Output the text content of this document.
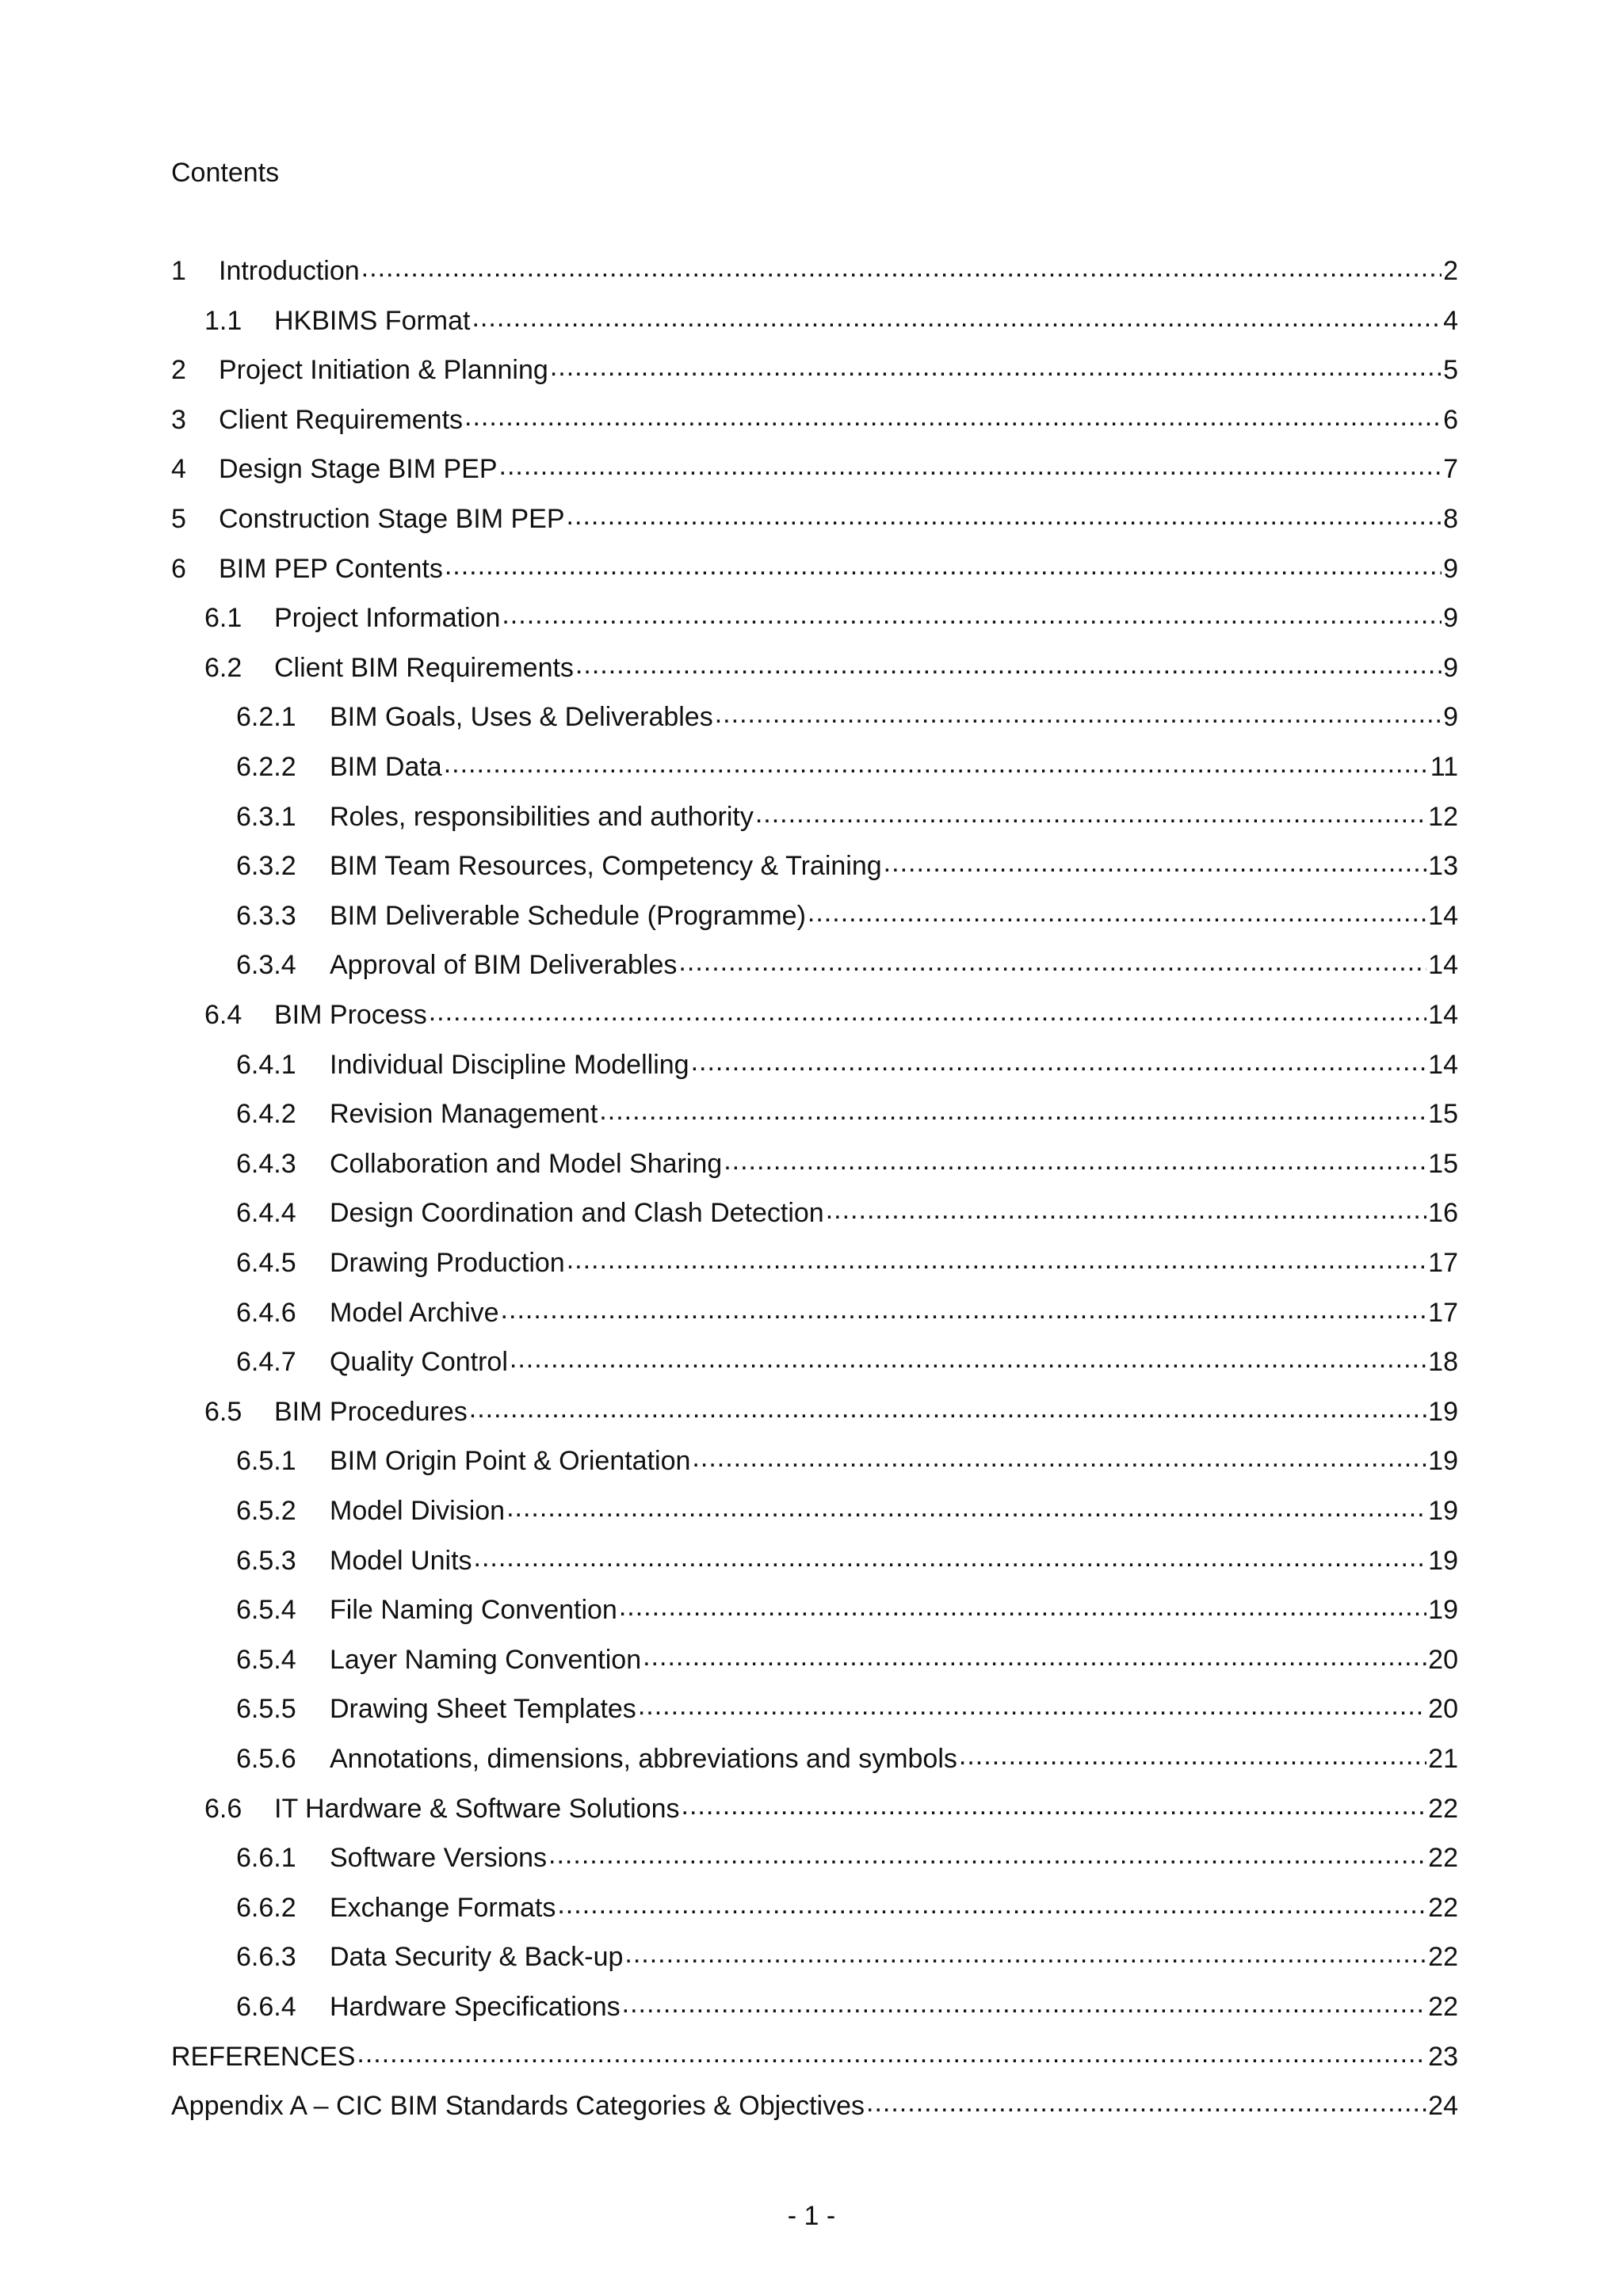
Contents
1	Introduction .....	2
1.1	HKBIMS Format .....	4
2	Project Initiation & Planning .....	5
3	Client Requirements .....	6
4	Design Stage BIM PEP .....	7
5	Construction Stage BIM PEP .....	8
6	BIM PEP Contents .....	9
6.1	Project Information .....	9
6.2	Client BIM Requirements .....	9
6.2.1	BIM Goals, Uses & Deliverables .....	9
6.2.2	BIM Data .....	11
6.3.1	Roles, responsibilities and authority .....	12
6.3.2	BIM Team Resources, Competency & Training .....	13
6.3.3	BIM Deliverable Schedule (Programme) .....	14
6.3.4	Approval of BIM Deliverables .....	14
6.4	BIM Process .....	14
6.4.1	Individual Discipline Modelling .....	14
6.4.2	Revision Management .....	15
6.4.3	Collaboration and Model Sharing .....	15
6.4.4	Design Coordination and Clash Detection .....	16
6.4.5	Drawing Production .....	17
6.4.6	Model Archive .....	17
6.4.7	Quality Control .....	18
6.5	BIM Procedures .....	19
6.5.1	BIM Origin Point & Orientation .....	19
6.5.2	Model Division .....	19
6.5.3	Model Units .....	19
6.5.4	File Naming Convention .....	19
6.5.4	Layer Naming Convention .....	20
6.5.5	Drawing Sheet Templates .....	20
6.5.6	Annotations, dimensions, abbreviations and symbols .....	21
6.6	IT Hardware & Software Solutions .....	22
6.6.1	Software Versions .....	22
6.6.2	Exchange Formats .....	22
6.6.3	Data Security & Back-up .....	22
6.6.4	Hardware Specifications .....	22
REFERENCES .....	23
Appendix A – CIC BIM Standards Categories & Objectives .....	24
- 1 -
